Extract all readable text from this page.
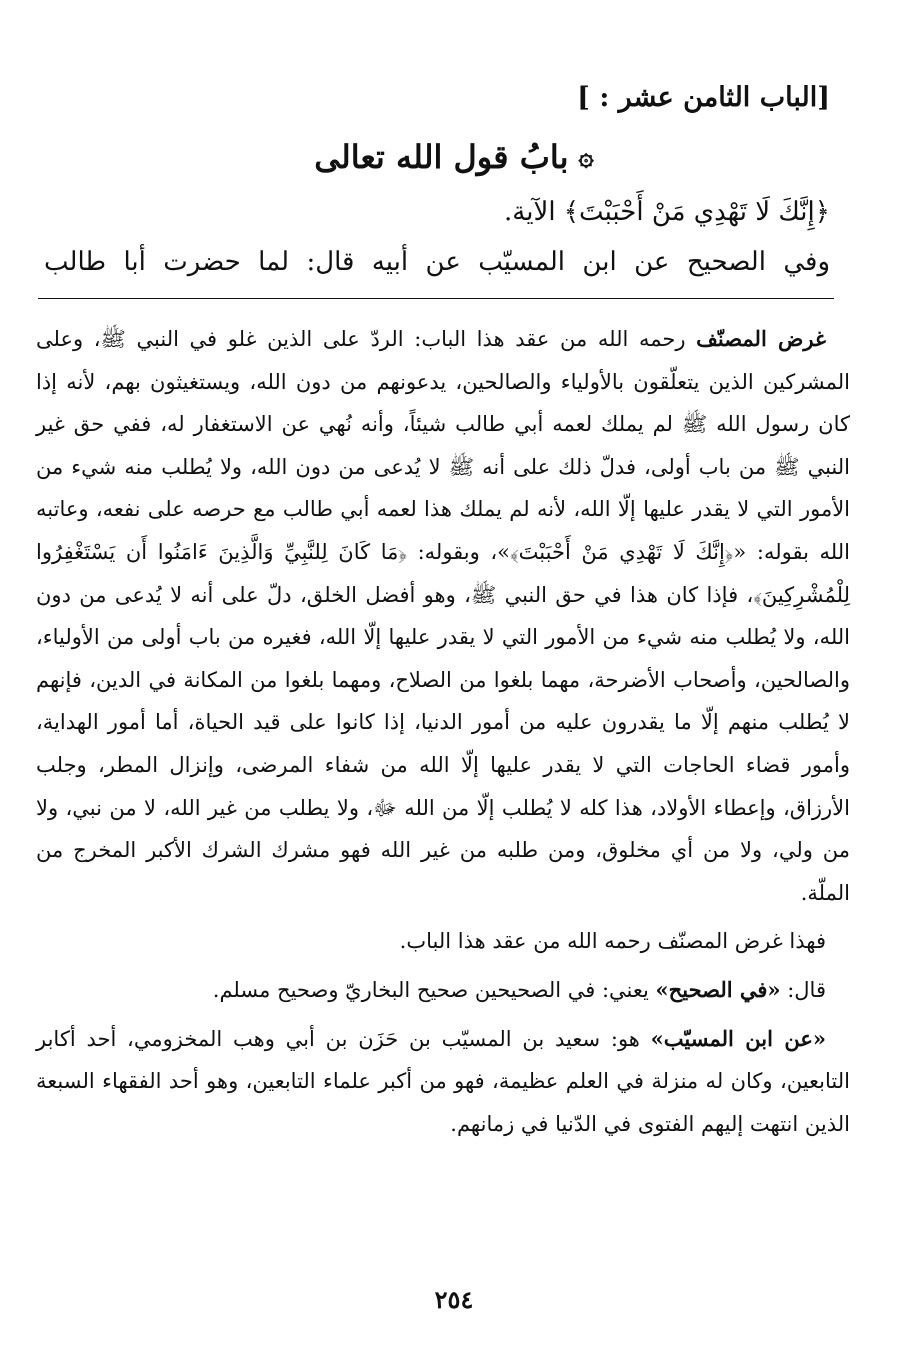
[الباب الثامن عشر : ]

۞بابُ قول الله تعالى

﴿إِنَّكَ لَا تَهْدِي مَنْ أَحْبَبْتَ﴾ الآية.

وفي الصحيح عن ابن المسيّب عن أبيه قال: لما حضرت أبا طالب

غرض المصنّف رحمه الله من عقد هذا الباب: الردّ على الذين غلو في النبي ﷺ، وعلى المشركين الذين يتعلّقون بالأولياء والصالحين، يدعونهم من دون الله، ويستغيثون بهم، لأنه إذا كان رسول الله ﷺ لم يملك لعمه أبي طالب شيئاً، وأنه نُهي عن الاستغفار له، ففي حق غير النبي ﷺ من باب أولى، فدلّ ذلك على أنه ﷺ لا يُدعى من دون الله، ولا يُطلب منه شيء من الأمور التي لا يقدر عليها إلّا الله، لأنه لم يملك هذا لعمه أبي طالب مع حرصه على نفعه، وعاتبه الله بقوله: «﴿إِنَّكَ لَا تَهْدِي مَنْ أَحْبَبْتَ﴾»، وبقوله: ﴿مَا كَانَ لِلنَّبِيِّ وَالَّذِينَ ءَامَنُوا أَن يَسْتَغْفِرُوا لِلْمُشْرِكِينَ﴾، فإذا كان هذا في حق النبي ﷺ، وهو أفضل الخلق، دلّ على أنه لا يُدعى من دون الله، ولا يُطلب منه شيء من الأمور التي لا يقدر عليها إلّا الله، فغيره من باب أولى من الأولياء، والصالحين، وأصحاب الأضرحة، مهما بلغوا من الصلاح، ومهما بلغوا من المكانة في الدين، فإنهم لا يُطلب منهم إلّا ما يقدرون عليه من أمور الدنيا، إذا كانوا على قيد الحياة، أما أمور الهداية، وأمور قضاء الحاجات التي لا يقدر عليها إلّا الله من شفاء المرضى، وإنزال المطر، وجلب الأرزاق، وإعطاء الأولاد، هذا كله لا يُطلب إلّا من الله ﷻ، ولا يطلب من غير الله، لا من نبي، ولا من ولي، ولا من أي مخلوق، ومن طلبه من غير الله فهو مشرك الشرك الأكبر المخرج من الملّة.

فهذا غرض المصنّف رحمه الله من عقد هذا الباب.

قال: «في الصحيح» يعني: في الصحيحين صحيح البخاريّ وصحيح مسلم.

«عن ابن المسيّب» هو: سعيد بن المسيّب بن حَزَن بن أبي وهب المخزومي، أحد أكابر التابعين، وكان له منزلة في العلم عظيمة، فهو من أكبر علماء التابعين، وهو أحد الفقهاء السبعة الذين انتهت إليهم الفتوى في الدّنيا في زمانهم.

٢٥٤
